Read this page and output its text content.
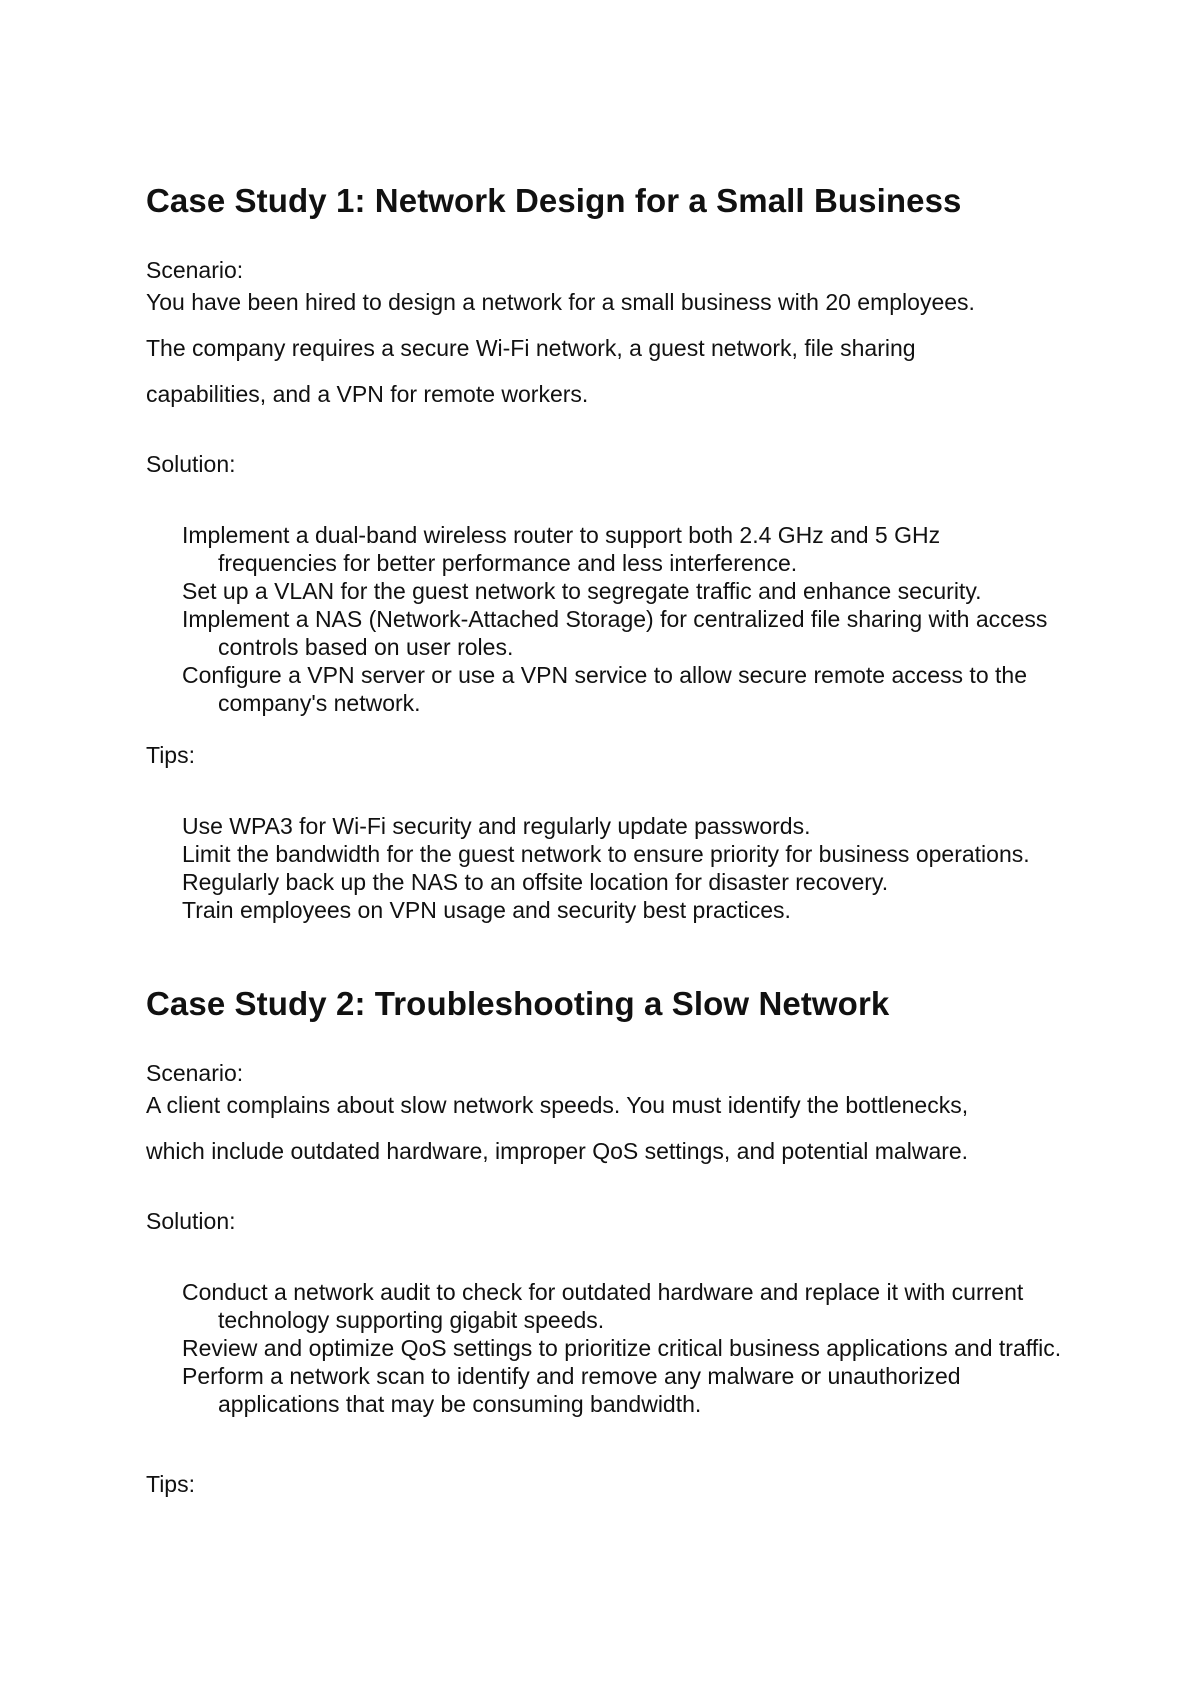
Case Study 1: Network Design for a Small Business

Scenario:

You have been hired to design a network for a small business with 20 employees.

The company requires a secure Wi-Fi network, a guest network, file sharing

capabilities, and a VPN for remote workers.

Solution:

Implement a dual-band wireless router to support both 2.4 GHz and 5 GHz frequencies for better performance and less interference.
Set up a VLAN for the guest network to segregate traffic and enhance security.
Implement a NAS (Network-Attached Storage) for centralized file sharing with access controls based on user roles.
Configure a VPN server or use a VPN service to allow secure remote access to the company's network.

Tips:

Use WPA3 for Wi-Fi security and regularly update passwords.
Limit the bandwidth for the guest network to ensure priority for business operations.
Regularly back up the NAS to an offsite location for disaster recovery.
Train employees on VPN usage and security best practices.
Case Study 2: Troubleshooting a Slow Network

Scenario:

A client complains about slow network speeds. You must identify the bottlenecks,

which include outdated hardware, improper QoS settings, and potential malware.

Solution:

Conduct a network audit to check for outdated hardware and replace it with current technology supporting gigabit speeds.
Review and optimize QoS settings to prioritize critical business applications and traffic.
Perform a network scan to identify and remove any malware or unauthorized applications that may be consuming bandwidth.

Tips:
